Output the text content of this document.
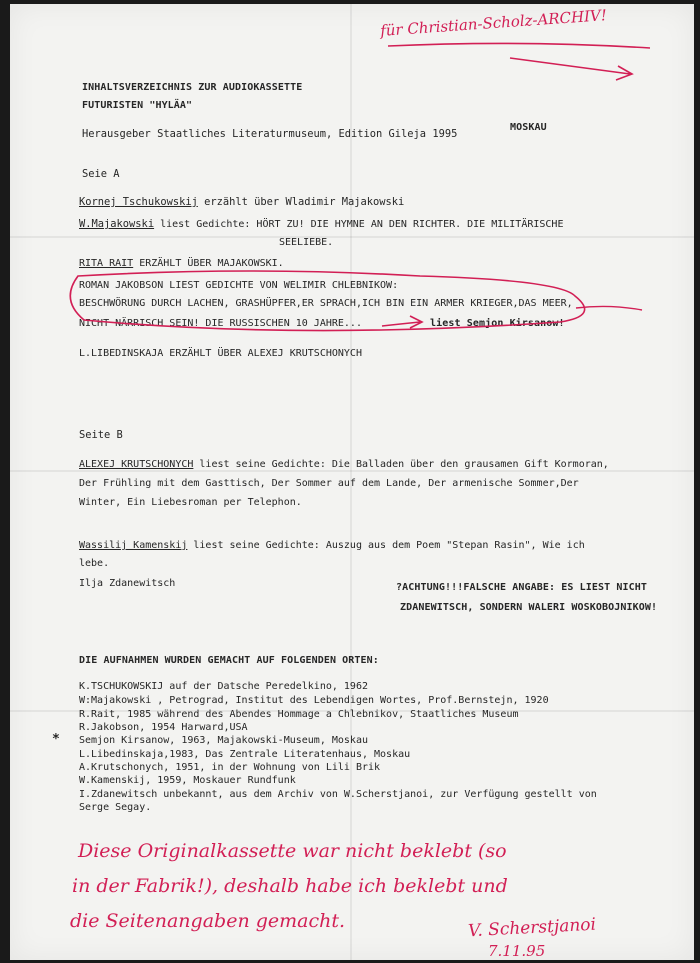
für Christian-Scholz-ARCHIV!
INHALTSVERZEICHNIS ZUR AUDIOKASSETTE
FUTURISTEN "HYLÄA"
Herausgeber Staatliches Literaturmuseum, Edition Gileja 1995
MOSKAU
Seie A
Kornej Tschukowskij erzählt über Wladimir Majakowski
W.Majakowski liest Gedichte: HÖRT ZU! DIE HYMNE AN DEN RICHTER. DIE MILITÄRISCHE
SEELIEBE.
RITA RAIT ERZÄHLT ÜBER MAJAKOWSKI.
ROMAN JAKOBSON LIEST GEDICHTE VON WELIMIR CHLEBNIKOW:
BESCHWÖRUNG DURCH LACHEN, GRASHÜPFER,ER SPRACH,ICH BIN EIN ARMER KRIEGER,DAS MEER,
NICHT NÄRRISCH SEIN! DIE RUSSISCHEN 10 JAHRE...	liest Semjon Kirsanow!
L.LIBEDINSKAJA ERZÄHLT ÜBER ALEXEJ KRUTSCHONYCH
Seite B
ALEXEJ KRUTSCHONYCH liest seine Gedichte: Die Balladen über den grausamen Gift Kormoran,
Der Frühling mit dem Gasttisch, Der Sommer auf dem Lande, Der armenische Sommer,Der
Winter, Ein Liebesroman per Telephon.
Wassilij Kamenskij liest seine Gedichte: Auszug aus dem Poem "Stepan Rasin", Wie ich
lebe.
Ilja Zdanewitsch	?ACHTUNG!!!FALSCHE ANGABE: ES LIEST NICHT
ZDANEWITSCH, SONDERN WALERI WOSKOBOJNIKOW!
DIE AUFNAHMEN WURDEN GEMACHT AUF FOLGENDEN ORTEN:
K.TSCHUKOWSKIJ auf der Datsche Peredelkino, 1962
W:Majakowski , Petrograd, Institut des Lebendigen Wortes, Prof.Bernstejn, 1920
R.Rait, 1985 während des Abendes Hommage a Chlebnikov, Staatliches Museum
R.Jakobson, 1954 Harward,USA
Semjon Kirsanow, 1963, Majakowski-Museum, Moskau
L.Libedinskaja,1983, Das Zentrale Literatenhaus, Moskau
A.Krutschonych, 1951, in der Wohnung von Lili Brik
W.Kamenskij, 1959, Moskauer Rundfunk
I.Zdanewitsch unbekannt, aus dem Archiv von W.Scherstjanoi, zur Verfügung gestellt von
Serge Segay.
*
Diese Originalkassette war nicht beklebt (so
in der Fabrik!), deshalb habe ich beklebt und
die Seitenangaben gemacht.	V. Scherstjanoi
7.11.95
